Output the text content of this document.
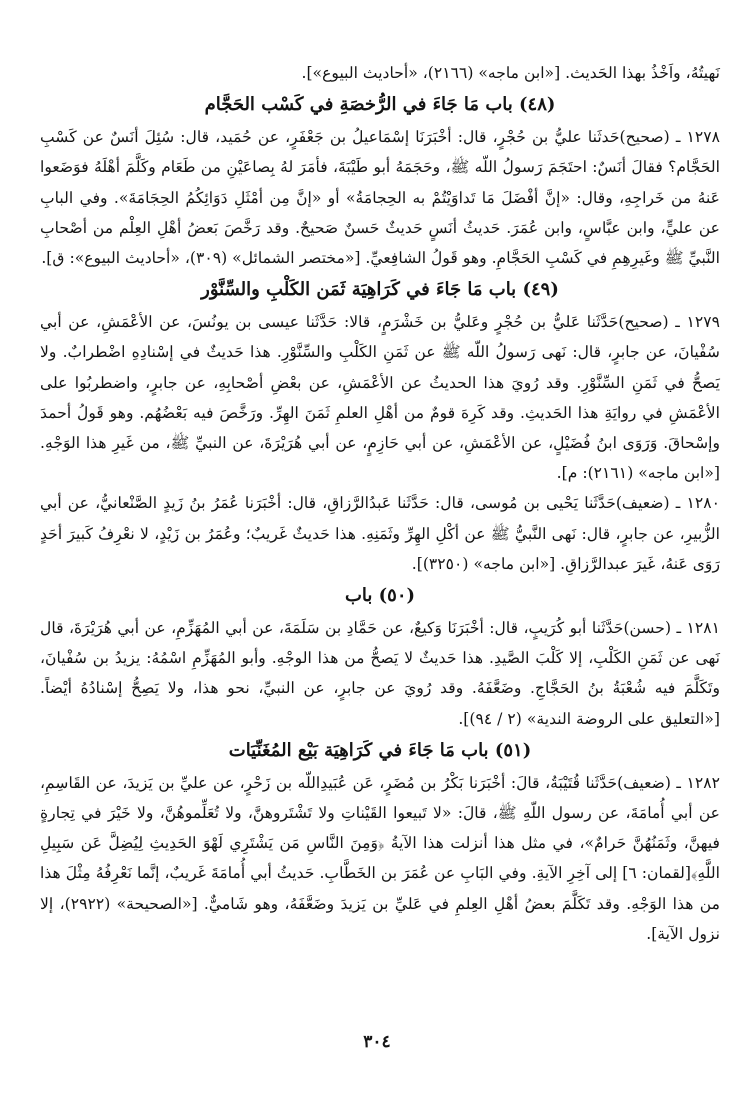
نَهيتُهُ، واَخْذُ بهذا الحَديث. [«ابن ماجه» (٢١٦٦)، «أحاديث البيوع»].

(٤٨) باب مَا جَاءَ في الرُّخصَةِ في كَسْب الحَجَّام

١٢٧٨ ـ (صحيح)حَدثَنا عليُّ بن حُجْرٍ، قال: أخْبَرَنَا إسْمَاعيلُ بن جَعْفَرٍ، عن حُمَيد، قال: سُئِلَ أنَسٌ عن كَسْبِ الحَجَّام؟ فقالَ أنَسٌ: احتَجَمَ رَسولُ اللّه ﷺ، وحَجَمَهُ أبو طَيْبَةَ، فأمَرَ لهُ بِصاعَيْنِ من طَعَام وكَلَّمَ أهْلَهُ فوَضَعوا عَنهُ من خَراجِهِ، وقال: «إنَّ أفْضَلَ مَا تَداوَيْتُمْ به الحِجامَةُ» أو «إنَّ مِن أمْثَلِ دَوَائِكُمُ الحِجَامَةَ». وفي البابِ عن عليٍّ، وابن عبَّاسٍ، وابن عُمَرَ. حَديثُ أنَسٍ حَديثٌ حَسنٌ صَحيحٌ. وقد رَخَّصَ بَعضُ أهْلِ العِلْم من أصْحابِ النَّبيِّ ﷺ وغَيرِهِمِ في كَسْبِ الحَجَّامِ. وهو قَولُ الشافِعيِّ. [«مختصر الشمائل» (٣٠٩)، «أحاديث البيوع»: ق].

(٤٩) باب مَا جَاءَ في كَرَاهِيَة ثَمَن الكَلْبِ والسِّنَّوْر

١٢٧٩ ـ (صحيح)حَدَّثَنا عَليُّ بن حُجْرٍ وعَليُّ بن خَشْرَمٍ، قالا: حَدَّثَنا عيسى بن يونُسَ، عن الأعْمَشِ، عن أبي سُفْيانَ، عن جابرٍ، قال: نَهى رَسولُ اللّه ﷺ عن ثَمَنِ الكَلْبِ والسِّنَّوْرِ. هذا حَديثٌ في إسْنادِهِ اضْطرابٌ. ولا يَصحُّ في ثَمَنِ السِّنَّوْرِ. وقد رُويَ هذا الحديثُ عن الأعْمَشِ، عن بعْضِ أصْحابِهِ، عن جابرٍ، واضطربُوا على الأعْمَشِ في روايَةِ هذا الحَديثِ. وقد كَرِهَ قومٌ من أهْلِ العلمِ ثَمَنَ الهِرِّ. ورَخَّصَ فيه بَعْضُهُم. وهو قَولُ أحمدَ وإسْحاقَ. وَرَوَى ابنُ فُضَيْلٍ، عن الأعْمَشِ، عن أبي حَازِمٍ، عن أبي هُرَيْرَةَ، عن النبيِّ ﷺ، من غَيرِ هذا الوَجْهِ. [«ابن ماجه» (٢١٦١): م].

١٢٨٠ ـ (ضعيف)حَدَّثَنا يَحْيى بن مُوسى، قال: حَدَّثَنا عَبدُالرَّزاقِ، قال: أخْبَرَنا عُمَرُ بنُ زَيدٍ الصَّنْعانيُّ، عن أبي الزُّبيرِ، عن جابرٍ، قال: نَهى النَّبيُّ ﷺ عن أكْلِ الهِرِّ وثَمَنِهِ. هذا حَديثٌ غَريبٌ؛ وعُمَرُ بن زَيْدٍ، لا نعْرِفُ كَبيرَ أحَدٍ رَوَى عَنهُ، غَيرَ عبدالرَّزاقِ. [«ابن ماجه» (٣٢٥٠)].

(٥٠) باب

١٢٨١ ـ (حسن)حَدَّثَنا أبو كُرَيبٍ، قال: أخْبَرَنَا وَكيعٌ، عن حَمَّادِ بن سَلَمَةَ، عن أبي المُهَزِّمِ، عن أبي هُرَيْرَةَ، قال نَهى عن ثَمَنِ الكَلْبِ، إلا كَلْبَ الصَّيدِ. هذا حَديثٌ لا يَصحُّ من هذا الوجْهِ. وأبو المُهَزِّمِ اسْمُهُ: يزيدُ بن سُفْيانَ، وتَكَلَّمَ فيه شُعْبَةُ بنُ الحَجَّاجِ. وضَعَّفَهُ. وقد رُويَ عن جابرٍ، عن النبيِّ، نحو هذا، ولا يَصِحُّ إسْنادُهُ أيْضاً. [«التعليق على الروضة الندية» (٢ / ٩٤)].

(٥١) باب مَا جَاءَ في كَرَاهِيَة بَيْع المُغَنِّيَات

١٢٨٢ ـ (ضعيف)حَدَّثَنا قُتَيْبَةُ، قالَ: أخْبَرَنا بَكْرُ بن مُضَرٍ، عَن عُبَيدِاللّه بن زَحْرٍ، عن عليِّ بن يَزيدَ، عن القَاسِمِ، عن أبي أُمامَةَ، عن رسول اللّهِ ﷺ، قالَ: «لا تَبيعوا القَيْناتِ ولا تَشْتَروهنَّ، ولا تُعَلِّموهُنَّ، ولا خَيْرَ في تِجارةٍ فيهنَّ، وثَمَنُهُنَّ حَرامٌ»، في مثل هذا أنزلت هذا الآيةُ ﴿وَمِنَ النَّاسِ مَن يَشْتَرِي لَهْوَ الحَدِيثِ لِيُضِلَّ عَن سَبِيلِ اللَّهِ﴾[لقمان: ٦] إلى آخِرِ الآيةِ. وفي البَابِ عن عُمَرَ بن الخَطَّابِ. حَديثُ أبي أُمامَةَ غَريبٌ، إنَّما نَعْرِفُهُ مِثْلَ هذا من هذا الوَجْهِ. وقد تَكَلَّمَ بعضُ أهْلِ العِلمِ في عَليِّ بن يَزيدَ وضَعَّفَهُ، وهو شَاميٌّ. [«الصحيحة» (٢٩٢٢)، إلا نزول الآية].

٣٠٤
